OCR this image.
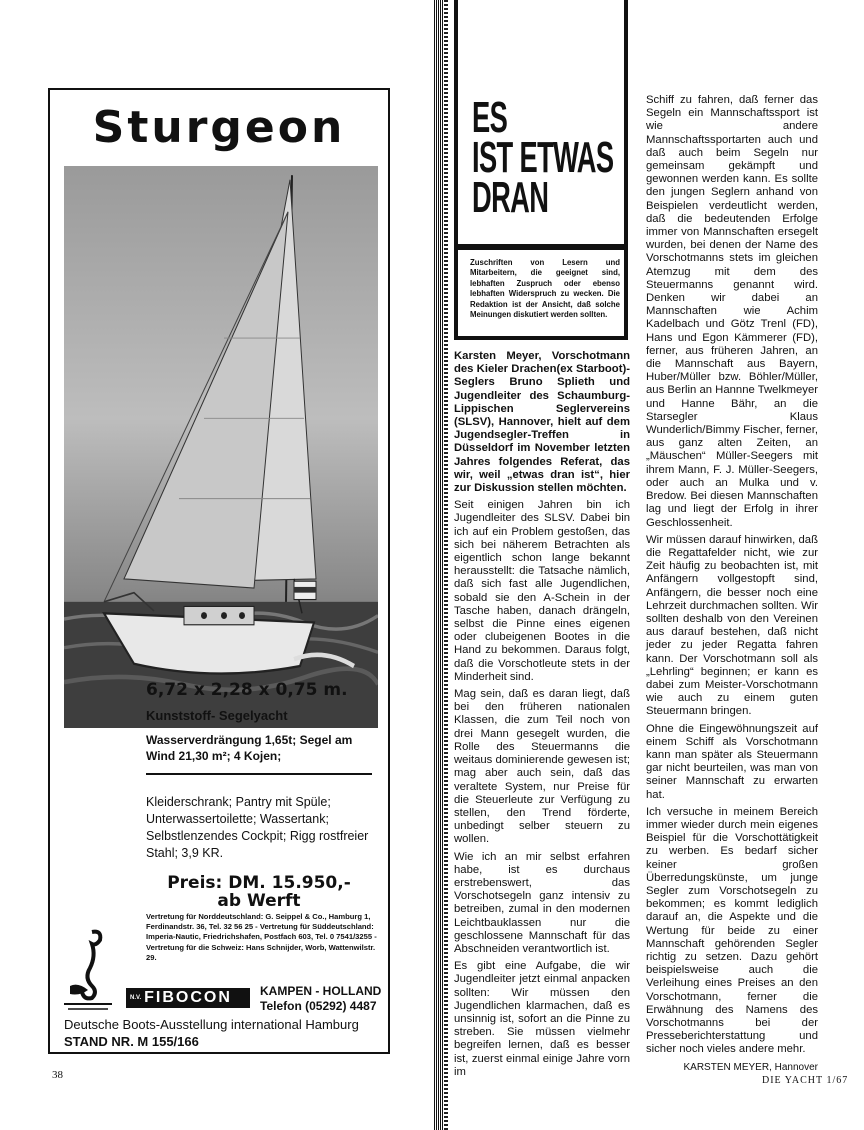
Sturgeon
6,72 x 2,28 x 0,75 m.
Kunststoff- Segelyacht
Wasserverdrängung 1,65t; Segel am Wind 21,30 m²; 4 Kojen;
Kleiderschrank; Pantry mit Spüle; Unterwassertoilette; Wassertank; Selbstlenzendes Cockpit; Rigg rostfreier Stahl; 3,9 KR.
Preis: DM. 15.950,-
ab Werft
Vertretung für Norddeutschland: G. Seippel & Co., Hamburg 1, Ferdinandstr. 36, Tel. 32 56 25 - Vertretung für Süddeutschland: Imperia-Nautic, Friedrichshafen, Postfach 603, Tel. 0 7541/3255 - Vertretung für die Schweiz: Hans Schnijder, Worb, Wattenwilstr. 29.
N.V. FIBOCON	KAMPEN - HOLLAND
Telefon (05292) 4487
Deutsche Boots-Ausstellung international Hamburg
STAND NR. M 155/166
38
ES
IST ETWAS
DRAN
Zuschriften von Lesern und Mitarbeitern, die geeignet sind, lebhaften Zuspruch oder ebenso lebhaften Widerspruch zu wecken. Die Redaktion ist der Ansicht, daß solche Meinungen diskutiert werden sollten.

Karsten Meyer, Vorschotmann des Kieler Drachen(ex Starboot)-Seglers Bruno Splieth und Jugendleiter des Schaumburg-Lippischen Seglervereins (SLSV), Hannover, hielt auf dem Jugendsegler-Treffen in Düsseldorf im November letzten Jahres folgendes Referat, das wir, weil „etwas dran ist“, hier zur Diskussion stellen möchten.

Seit einigen Jahren bin ich Jugendleiter des SLSV. Dabei bin ich auf ein Problem gestoßen, das sich bei näherem Betrachten als eigentlich schon lange bekannt herausstellt: die Tatsache nämlich, daß sich fast alle Jugendlichen, sobald sie den A-Schein in der Tasche haben, danach drängeln, selbst die Pinne eines eigenen oder clubeigenen Bootes in die Hand zu bekommen. Daraus folgt, daß die Vorschotleute stets in der Minderheit sind.

Mag sein, daß es daran liegt, daß bei den früheren nationalen Klassen, die zum Teil noch von drei Mann gesegelt wurden, die Rolle des Steuermanns die weitaus dominierende gewesen ist; mag aber auch sein, daß das veraltete System, nur Preise für die Steuerleute zur Verfügung zu stellen, den Trend förderte, unbedingt selber steuern zu wollen.

Wie ich an mir selbst erfahren habe, ist es durchaus erstrebenswert, das Vorschotsegeln ganz intensiv zu betreiben, zumal in den modernen Leichtbauklassen nur die geschlossene Mannschaft für das Abschneiden verantwortlich ist.

Es gibt eine Aufgabe, die wir Jugendleiter jetzt einmal anpacken sollten: Wir müssen den Jugendlichen klarmachen, daß es unsinnig ist, sofort an die Pinne zu streben. Sie müssen vielmehr begreifen lernen, daß es besser ist, zuerst einmal einige Jahre vorn im

Schiff zu fahren, daß ferner das Segeln ein Mannschaftssport ist wie andere Mannschaftssportarten auch und daß auch beim Segeln nur gemeinsam gekämpft und gewonnen werden kann. Es sollte den jungen Seglern anhand von Beispielen verdeutlicht werden, daß die bedeutenden Erfolge immer von Mannschaften ersegelt wurden, bei denen der Name des Vorschotmanns stets im gleichen Atemzug mit dem des Steuermanns genannt wird. Denken wir dabei an Mannschaften wie Achim Kadelbach und Götz Trenl (FD), Hans und Egon Kämmerer (FD), ferner, aus früheren Jahren, an die Mannschaft aus Bayern, Huber/Müller bzw. Böhler/Müller, aus Berlin an Hannne Twelkmeyer und Hanne Bähr, an die Starsegler Klaus Wunderlich/Bimmy Fischer, ferner, aus ganz alten Zeiten, an „Mäuschen“ Müller-Seegers mit ihrem Mann, F. J. Müller-Seegers, oder auch an Mulka und v. Bredow. Bei diesen Mannschaften lag und liegt der Erfolg in ihrer Geschlossenheit.

Wir müssen darauf hinwirken, daß die Regattafelder nicht, wie zur Zeit häufig zu beobachten ist, mit Anfängern vollgestopft sind, Anfängern, die besser noch eine Lehrzeit durchmachen sollten. Wir sollten deshalb von den Vereinen aus darauf bestehen, daß nicht jeder zu jeder Regatta fahren kann. Der Vorschotmann soll als „Lehrling“ beginnen; er kann es dabei zum Meister-Vorschotmann wie auch zu einem guten Steuermann bringen.

Ohne die Eingewöhnungszeit auf einem Schiff als Vorschotmann kann man später als Steuermann gar nicht beurteilen, was man von seiner Mannschaft zu erwarten hat.

Ich versuche in meinem Bereich immer wieder durch mein eigenes Beispiel für die Vorschottätigkeit zu werben. Es bedarf sicher keiner großen Überredungskünste, um junge Segler zum Vorschotsegeln zu bekommen; es kommt lediglich darauf an, die Aspekte und die Wertung für beide zu einer Mannschaft gehörenden Segler richtig zu setzen. Dazu gehört beispielsweise auch die Verleihung eines Preises an den Vorschotmann, ferner die Erwähnung des Namens des Vorschotmanns bei der Presseberichterstattung und sicher noch vieles andere mehr.

KARSTEN MEYER, Hannover
DIE YACHT 1/67
